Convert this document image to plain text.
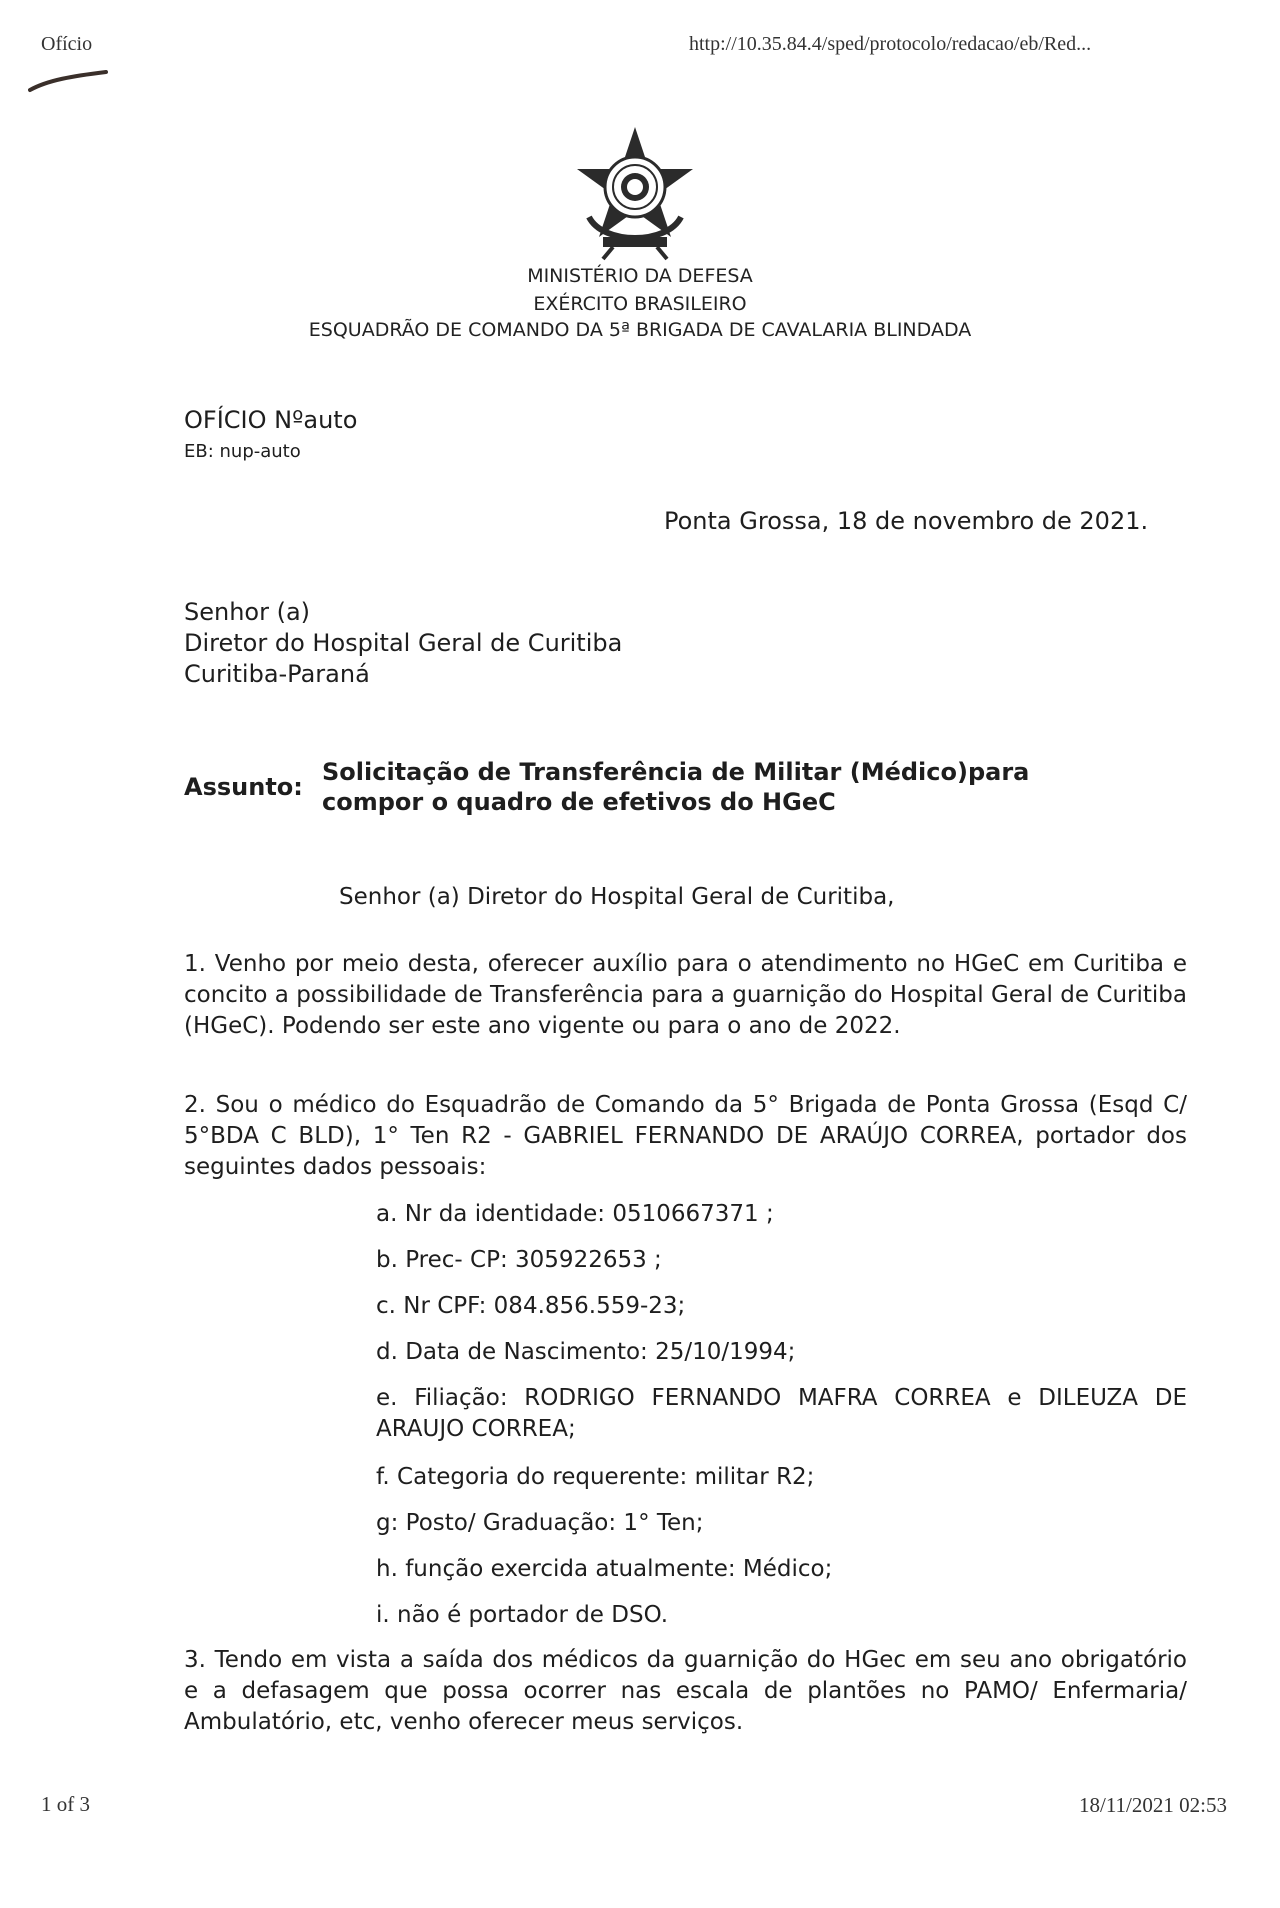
Ofício	http://10.35.84.4/sped/protocolo/redacao/eb/Red...
MINISTÉRIO DA DEFESA
EXÉRCITO BRASILEIRO
ESQUADRÃO DE COMANDO DA 5ª BRIGADA DE CAVALARIA BLINDADA
OFÍCIO Nºauto
EB: nup-auto
Ponta Grossa, 18 de novembro de 2021.
Senhor (a)
Diretor do Hospital Geral de Curitiba
Curitiba-Paraná
Assunto:
Solicitação de Transferência de Militar (Médico)para
compor o quadro de efetivos do HGeC
Senhor (a) Diretor do Hospital Geral de Curitiba,
1. Venho por meio desta, oferecer auxílio para o atendimento no HGeC em Curitiba e concito a possibilidade de Transferência para a guarnição do Hospital Geral de Curitiba (HGeC). Podendo ser este ano vigente ou para o ano de 2022.
2. Sou o médico do Esquadrão de Comando da 5° Brigada de Ponta Grossa (Esqd C/ 5°BDA C BLD), 1° Ten R2 - GABRIEL FERNANDO DE ARAÚJO CORREA, portador dos seguintes dados pessoais:
a. Nr da identidade: 0510667371 ;
b. Prec- CP: 305922653 ;
c. Nr CPF: 084.856.559-23;
d. Data de Nascimento: 25/10/1994;
e. Filiação: RODRIGO FERNANDO MAFRA CORREA e DILEUZA DE ARAUJO CORREA;
f. Categoria do requerente: militar R2;
g: Posto/ Graduação: 1° Ten;
h. função exercida atualmente: Médico;
i. não é portador de DSO.
3. Tendo em vista a saída dos médicos da guarnição do HGec em seu ano obrigatório e a defasagem que possa ocorrer nas escala de plantões no PAMO/ Enfermaria/ Ambulatório, etc, venho oferecer meus serviços.
1 of 3	18/11/2021 02:53
